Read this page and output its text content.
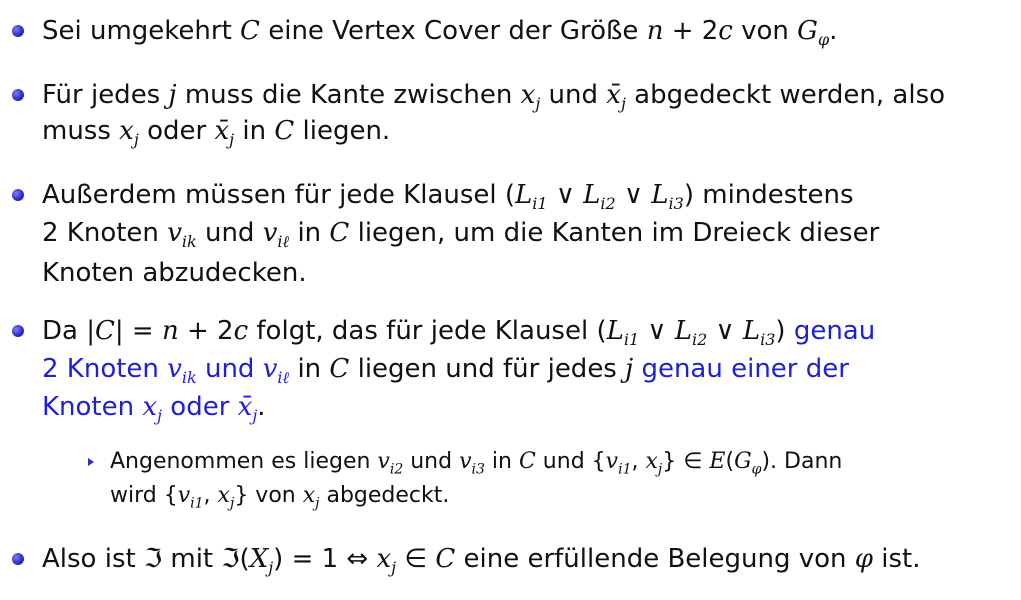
Sei umgekehrt C eine Vertex Cover der Größe n + 2c von $G_\varphi$.
Für jedes j muss die Kante zwischen $x_j$ und $x̄_j$ abgedeckt werden, also
muss $x_j$ oder $x̄_j$ in C liegen.
Außerdem müssen für jede Klausel ($L_{i1}$ ∨ $L_{i2}$ ∨ $L_{i3}$) mindestens
2 Knoten $v_{ik}$ und $v_{i\ell}$ in C liegen, um die Kanten im Dreieck dieser
Knoten abzudecken.
Da |C| = n + 2c folgt, das für jede Klausel ($L_{i1}$ ∨ $L_{i2}$ ∨ $L_{i3}$) genau
2 Knoten $v_{ik}$ und $v_{i\ell}$ in C liegen und für jedes j genau einer der
Knoten $x_j$ oder $x̄_j$.
Angenommen es liegen $v_{i2}$ und $v_{i3}$ in C und {$v_{i1}$, $x_j$} ∈ $E(G_\varphi)$. Dann
wird {$v_{i1}$, $x_j$} von $x_j$ abgedeckt.
Also ist ℑ mit $ℑ(X_j) = 1$ ⇔ $x_j$ ∈ C eine erfüllende Belegung von φ ist.
